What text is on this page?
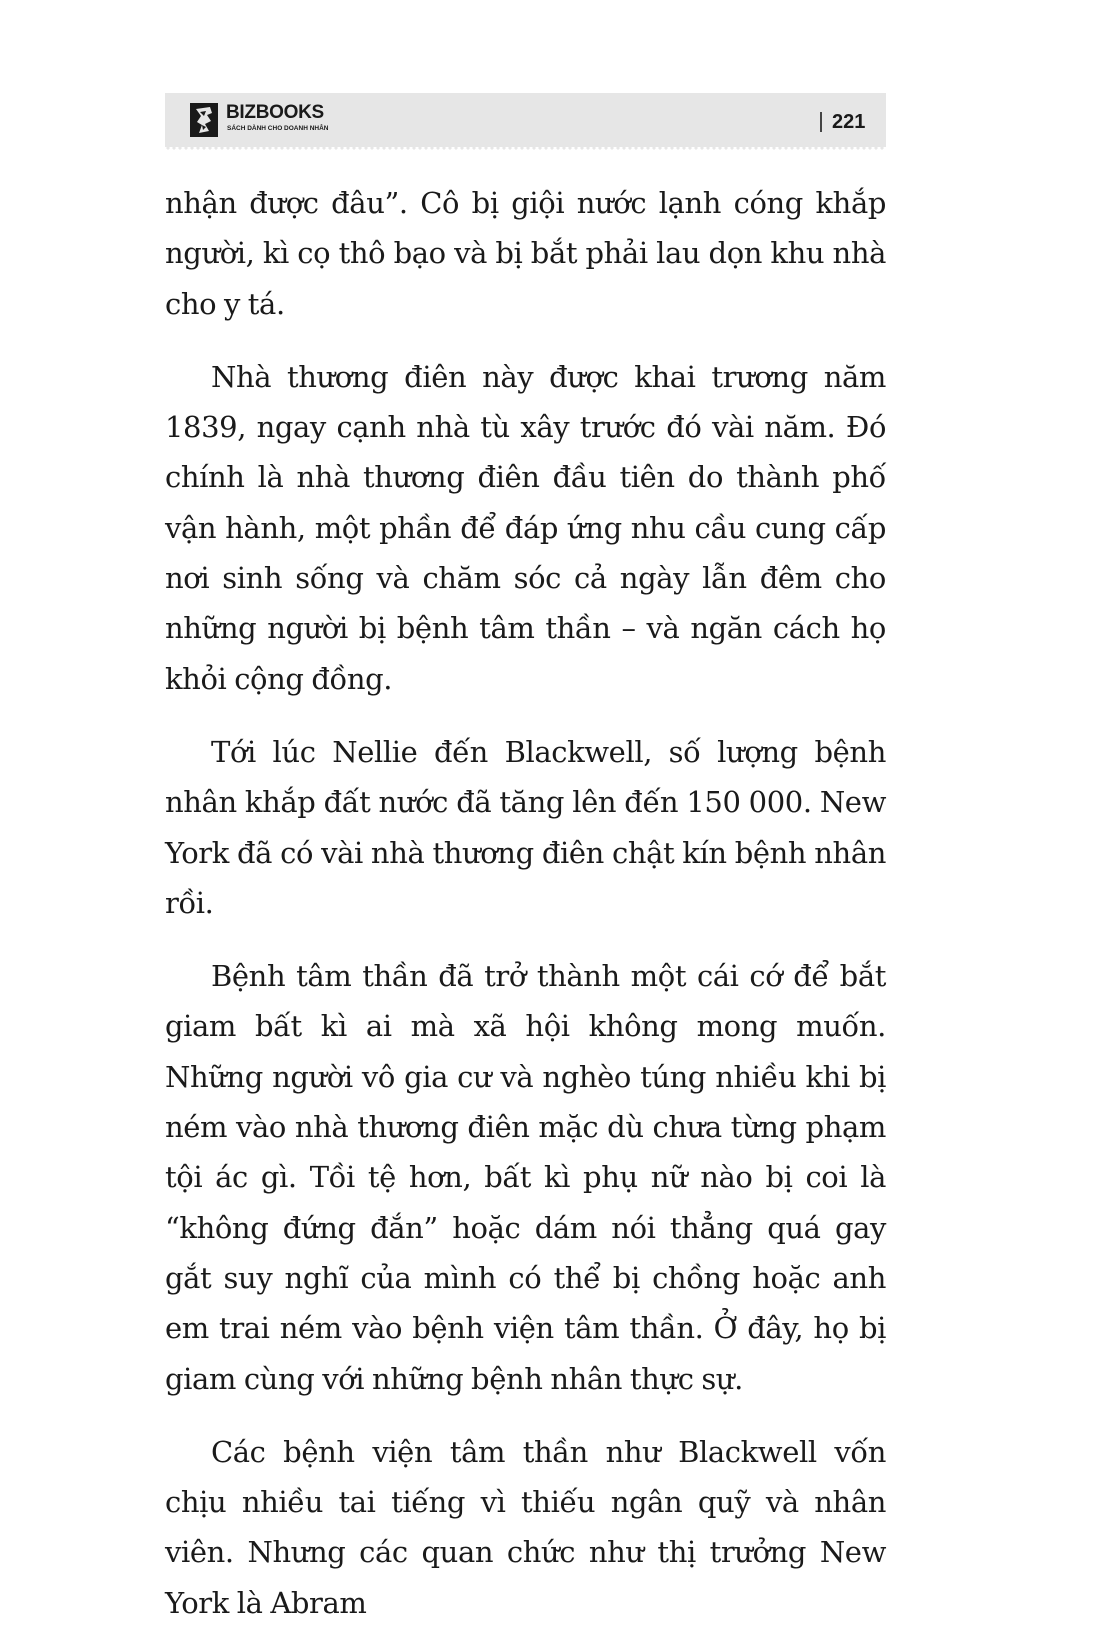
BIZBOOKS
SÁCH DÀNH CHO DOANH NHÂN	221

nhận được đâu”. Cô bị giội nước lạnh cóng khắp người, kì cọ thô bạo và bị bắt phải lau dọn khu nhà cho y tá.

Nhà thương điên này được khai trương năm 1839, ngay cạnh nhà tù xây trước đó vài năm. Đó chính là nhà thương điên đầu tiên do thành phố vận hành, một phần để đáp ứng nhu cầu cung cấp nơi sinh sống và chăm sóc cả ngày lẫn đêm cho những người bị bệnh tâm thần – và ngăn cách họ khỏi cộng đồng.

Tới lúc Nellie đến Blackwell, số lượng bệnh nhân khắp đất nước đã tăng lên đến 150 000. New York đã có vài nhà thương điên chật kín bệnh nhân rồi.

Bệnh tâm thần đã trở thành một cái cớ để bắt giam bất kì ai mà xã hội không mong muốn. Những người vô gia cư và nghèo túng nhiều khi bị ném vào nhà thương điên mặc dù chưa từng phạm tội ác gì. Tồi tệ hơn, bất kì phụ nữ nào bị coi là “không đứng đắn” hoặc dám nói thẳng quá gay gắt suy nghĩ của mình có thể bị chồng hoặc anh em trai ném vào bệnh viện tâm thần. Ở đây, họ bị giam cùng với những bệnh nhân thực sự.

Các bệnh viện tâm thần như Blackwell vốn chịu nhiều tai tiếng vì thiếu ngân quỹ và nhân viên. Nhưng các quan chức như thị trưởng New York là Abram
